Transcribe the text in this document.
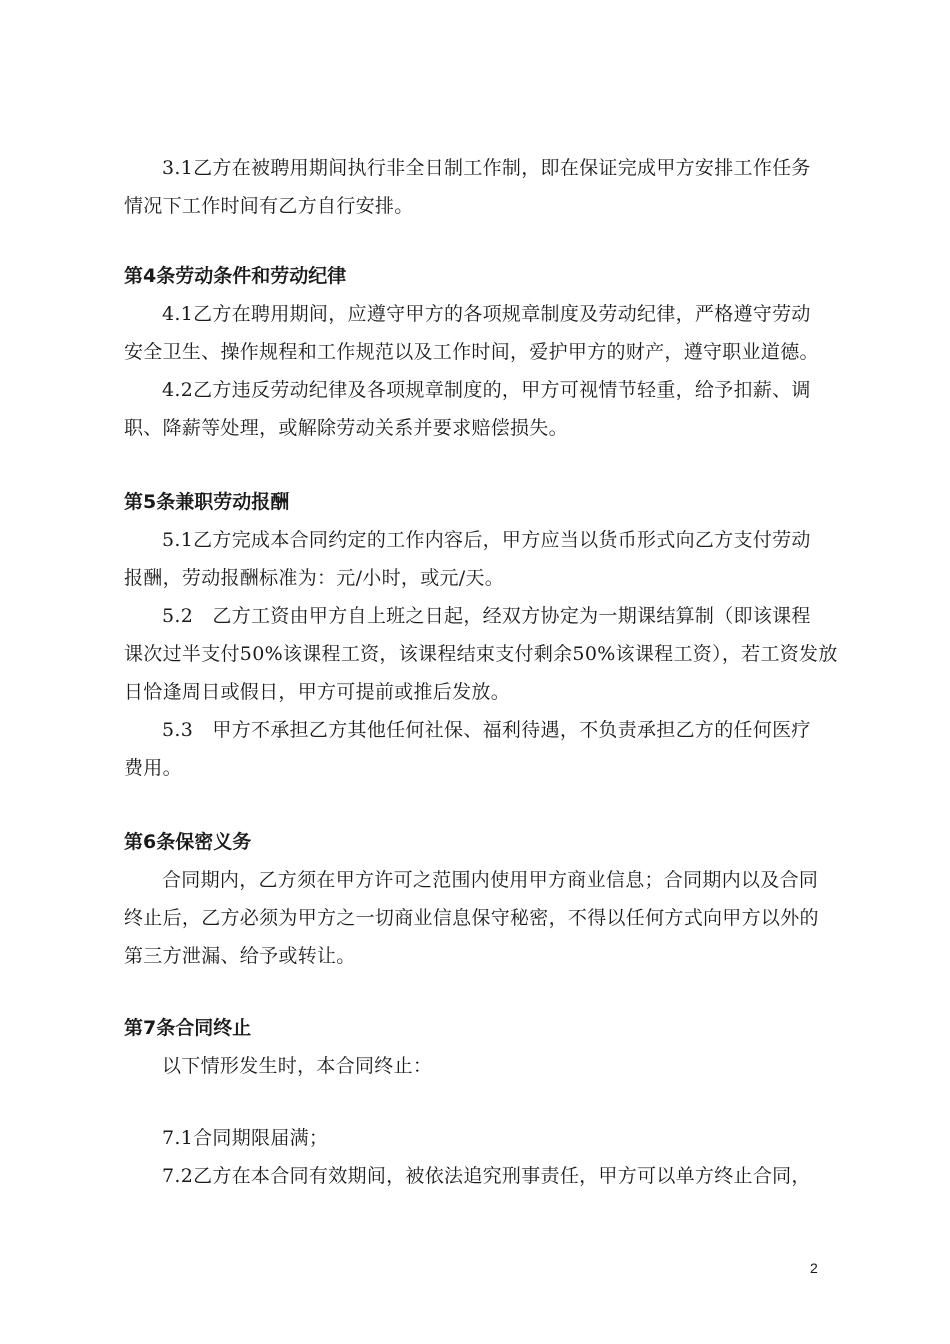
3.1乙方在被聘用期间执行非全日制工作制，即在保证完成甲方安排工作任务
情况下工作时间有乙方自行安排。
第4条劳动条件和劳动纪律
4.1乙方在聘用期间，应遵守甲方的各项规章制度及劳动纪律，严格遵守劳动
安全卫生、操作规程和工作规范以及工作时间，爱护甲方的财产，遵守职业道德。
4.2乙方违反劳动纪律及各项规章制度的，甲方可视情节轻重，给予扣薪、调
职、降薪等处理，或解除劳动关系并要求赔偿损失。
第5条兼职劳动报酬
5.1乙方完成本合同约定的工作内容后，甲方应当以货币形式向乙方支付劳动
报酬，劳动报酬标准为：元/小时，或元/天。
5.2　乙方工资由甲方自上班之日起，经双方协定为一期课结算制（即该课程
课次过半支付50%该课程工资，该课程结束支付剩余50%该课程工资），若工资发放
日恰逢周日或假日，甲方可提前或推后发放。
5.3　甲方不承担乙方其他任何社保、福利待遇，不负责承担乙方的任何医疗
费用。
第6条保密义务
合同期内，乙方须在甲方许可之范围内使用甲方商业信息；合同期内以及合同
终止后，乙方必须为甲方之一切商业信息保守秘密，不得以任何方式向甲方以外的
第三方泄漏、给予或转让。
第7条合同终止
以下情形发生时，本合同终止：
7.1合同期限届满；
7.2乙方在本合同有效期间，被依法追究刑事责任，甲方可以单方终止合同，
2
